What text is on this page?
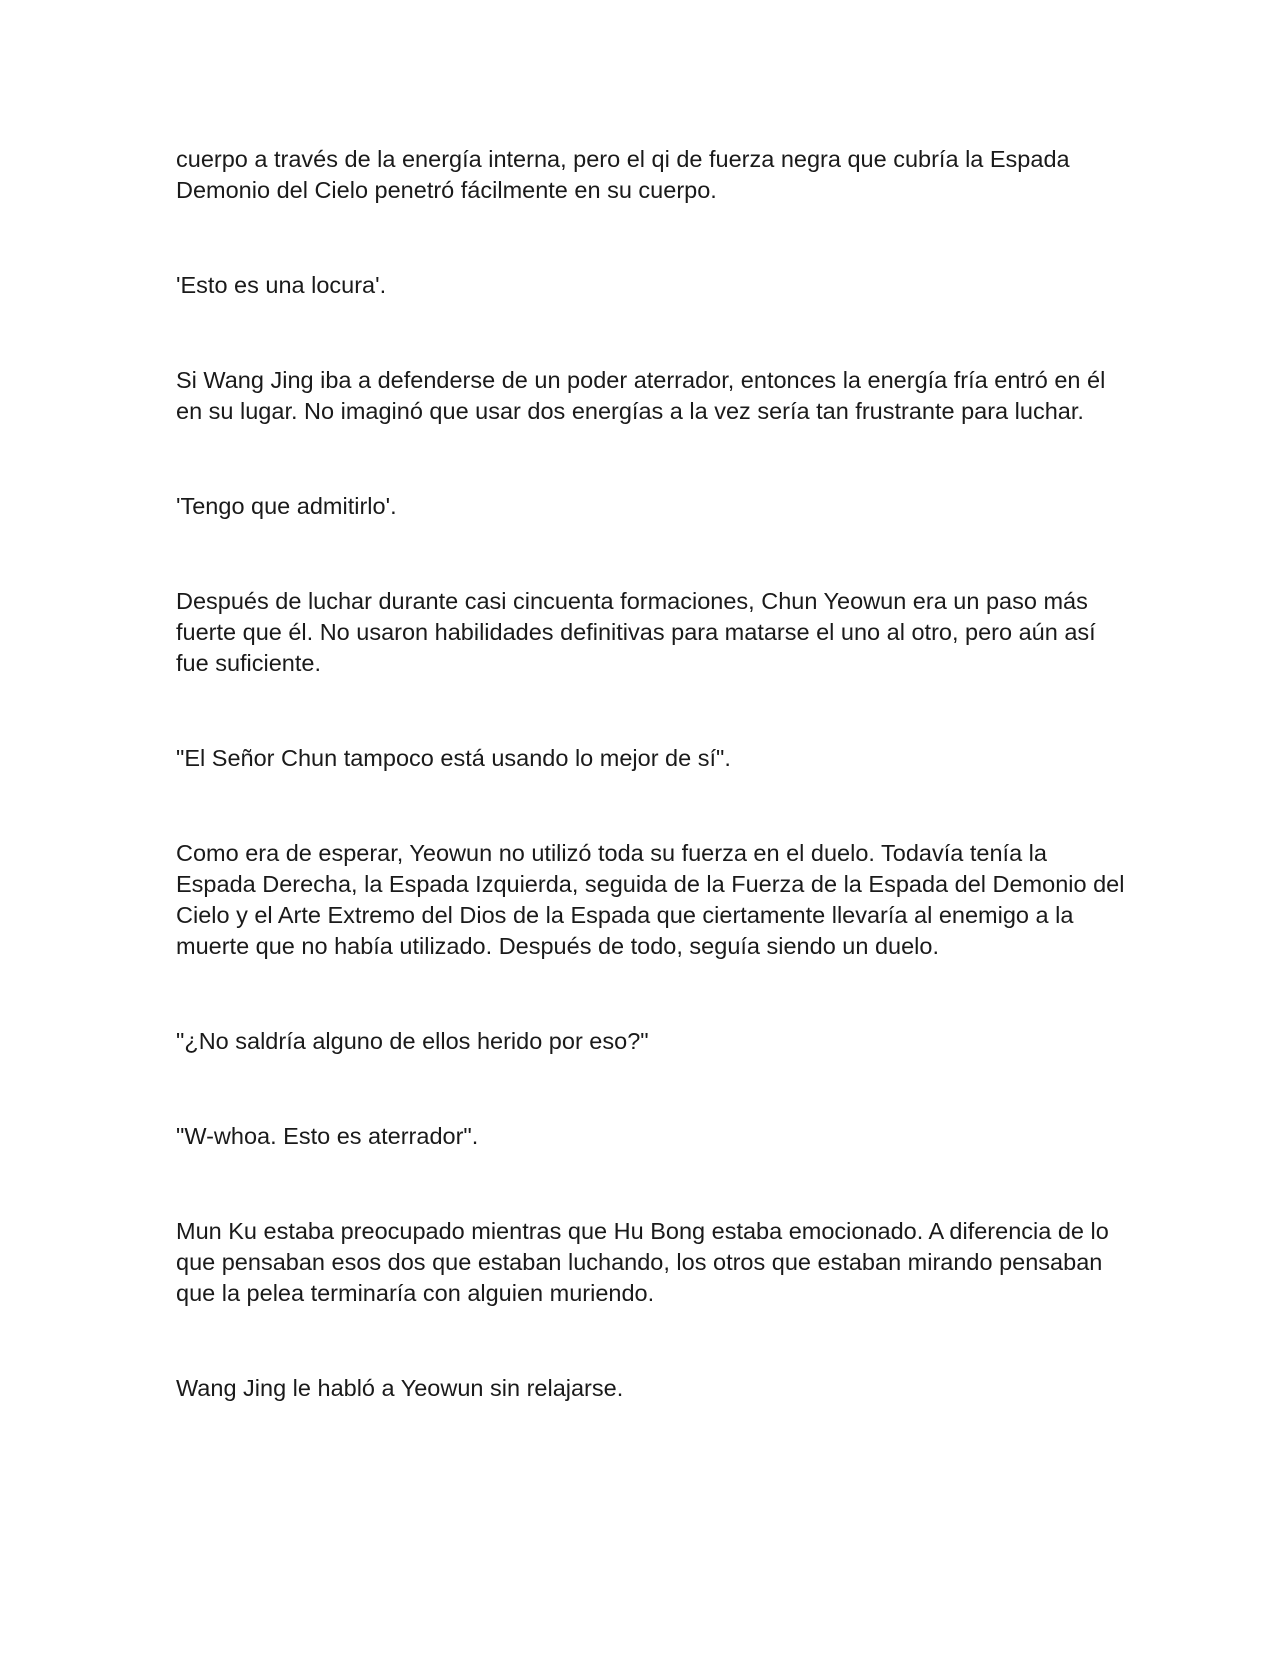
cuerpo a través de la energía interna, pero el qi de fuerza negra que cubría la Espada Demonio del Cielo penetró fácilmente en su cuerpo.

'Esto es una locura'.

Si Wang Jing iba a defenderse de un poder aterrador, entonces la energía fría entró en él en su lugar. No imaginó que usar dos energías a la vez sería tan frustrante para luchar.

'Tengo que admitirlo'.

Después de luchar durante casi cincuenta formaciones, Chun Yeowun era un paso más fuerte que él. No usaron habilidades definitivas para matarse el uno al otro, pero aún así fue suficiente.

"El Señor Chun tampoco está usando lo mejor de sí".

Como era de esperar, Yeowun no utilizó toda su fuerza en el duelo. Todavía tenía la Espada Derecha, la Espada Izquierda, seguida de la Fuerza de la Espada del Demonio del Cielo y el Arte Extremo del Dios de la Espada que ciertamente llevaría al enemigo a la muerte que no había utilizado. Después de todo, seguía siendo un duelo.

"¿No saldría alguno de ellos herido por eso?"

"W-whoa. Esto es aterrador".

Mun Ku estaba preocupado mientras que Hu Bong estaba emocionado. A diferencia de lo que pensaban esos dos que estaban luchando, los otros que estaban mirando pensaban que la pelea terminaría con alguien muriendo.

Wang Jing le habló a Yeowun sin relajarse.
